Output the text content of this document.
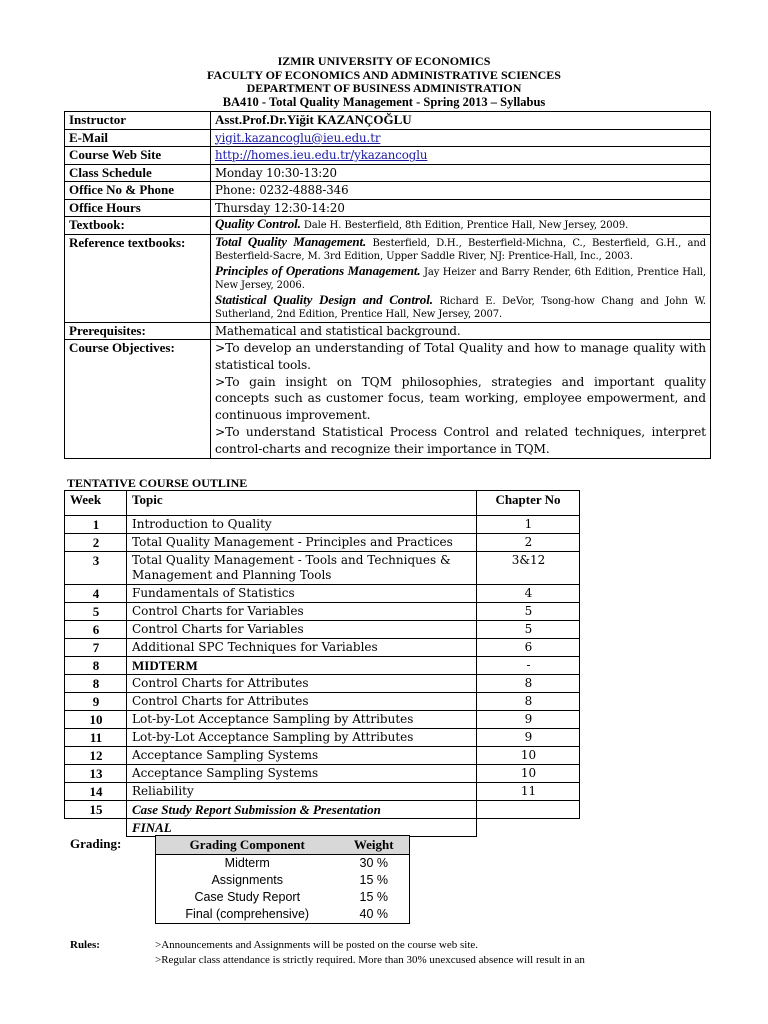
IZMIR UNIVERSITY OF ECONOMICS
FACULTY OF ECONOMICS AND ADMINISTRATIVE SCIENCES
DEPARTMENT OF BUSINESS ADMINISTRATION
BA410 - Total Quality Management - Spring 2013 – Syllabus
Instructor	Asst.Prof.Dr.Yiğit KAZANÇOĞLU
E-Mail	yigit.kazancoglu@ieu.edu.tr
Course Web Site	http://homes.ieu.edu.tr/ykazancoglu
Class Schedule	Monday 10:30-13:20
Office No & Phone	Phone: 0232-4888-346
Office Hours	Thursday 12:30-14:20
Textbook:	Quality Control. Dale H. Besterfield, 8th Edition, Prentice Hall, New Jersey, 2009.

Reference textbooks:	Total Quality Management. Besterfield, D.H., Besterfield-Michna, C., Besterfield, G.H., and Besterfield-Sacre, M. 3rd Edition, Upper Saddle River, NJ: Prentice-Hall, Inc., 2003.

Principles of Operations Management. Jay Heizer and Barry Render, 6th Edition, Prentice Hall, New Jersey, 2006.

Statistical Quality Design and Control. Richard E. DeVor, Tsong-how Chang and John W. Sutherland, 2nd Edition, Prentice Hall, New Jersey, 2007.

Prerequisites:	Mathematical and statistical background.
Course Objectives:	>To develop an understanding of Total Quality and how to manage quality with statistical tools.

>To gain insight on TQM philosophies, strategies and important quality concepts such as customer focus, team working, employee empowerment, and continuous improvement.

>To understand Statistical Process Control and related techniques, interpret control-charts and recognize their importance in TQM.

TENTATIVE COURSE OUTLINE
Week	Topic	Chapter No
1	Introduction to Quality	1
2	Total Quality Management - Principles and Practices	2
3	Total Quality Management - Tools and Techniques & Management and Planning Tools	3&12
4	Fundamentals of Statistics	4
5	Control Charts for Variables	5
6	Control Charts for Variables	5
7	Additional SPC Techniques for Variables	6
8	MIDTERM	-
8	Control Charts for Attributes	8
9	Control Charts for Attributes	8
10	Lot-by-Lot Acceptance Sampling by Attributes	9
11	Lot-by-Lot Acceptance Sampling by Attributes	9
12	Acceptance Sampling Systems	10
13	Acceptance Sampling Systems	10
14	Reliability	11
15	Case Study Report Submission & Presentation	
	FINAL	
Grading:	Grading Component	Weight
Midterm	30 %
Assignments	15 %
Case Study Report	15 %
Final (comprehensive)	40 %
Rules:	>Announcements and Assignments will be posted on the course web site.

>Regular class attendance is strictly required. More than 30% unexcused absence will result in an
